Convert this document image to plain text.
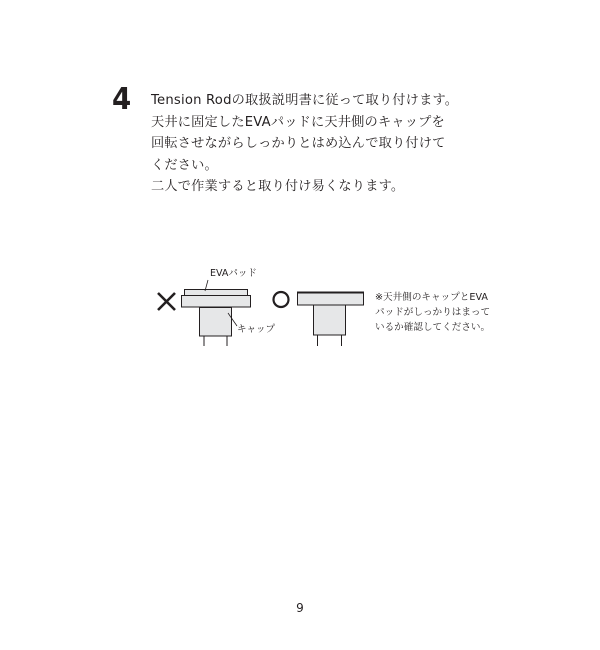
4 Tension Rodの取扱説明書に従って取り付けます。
天井に固定したEVAパッドに天井側のキャップを
回転させながらしっかりとはめ込んで取り付けて
ください。
二人で作業すると取り付け易くなります。
EVAパッド
キャップ
※天井側のキャップとEVA
パッドがしっかりはまって
いるか確認してください。
9
